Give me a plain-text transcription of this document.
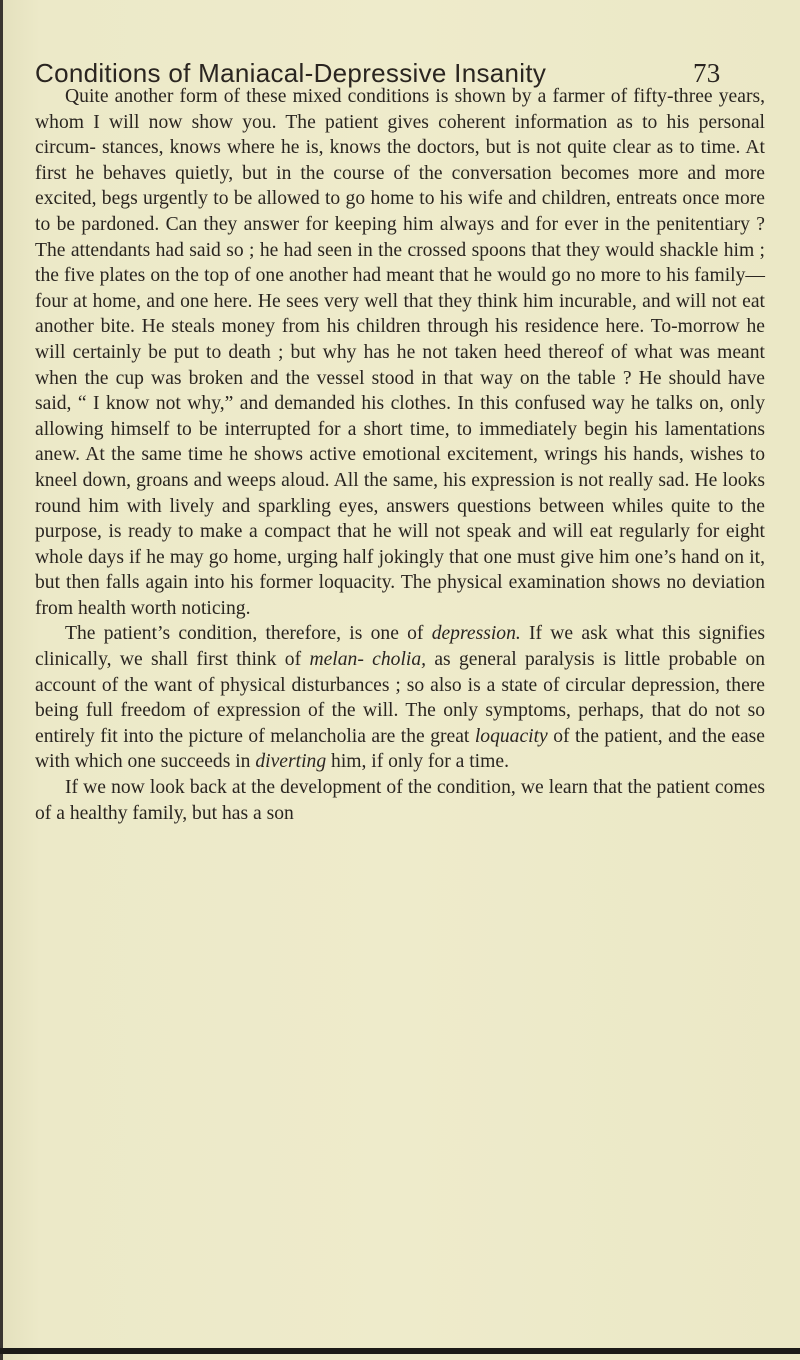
Conditions of Maniacal-Depressive Insanity	73

Quite another form of these mixed conditions is shown by a farmer of fifty-three years, whom I will now show you. The patient gives coherent information as to his personal circum- stances, knows where he is, knows the doctors, but is not quite clear as to time. At first he behaves quietly, but in the course of the conversation becomes more and more excited, begs urgently to be allowed to go home to his wife and children, entreats once more to be pardoned. Can they answer for keeping him always and for ever in the penitentiary ? The attendants had said so ; he had seen in the crossed spoons that they would shackle him ; the five plates on the top of one another had meant that he would go no more to his family—four at home, and one here. He sees very well that they think him incurable, and will not eat another bite. He steals money from his children through his residence here. To-morrow he will certainly be put to death ; but why has he not taken heed thereof of what was meant when the cup was broken and the vessel stood in that way on the table ? He should have said, “ I know not why,” and demanded his clothes. In this confused way he talks on, only allowing himself to be interrupted for a short time, to immediately begin his lamentations anew. At the same time he shows active emotional excitement, wrings his hands, wishes to kneel down, groans and weeps aloud. All the same, his expression is not really sad. He looks round him with lively and sparkling eyes, answers questions between whiles quite to the purpose, is ready to make a compact that he will not speak and will eat regularly for eight whole days if he may go home, urging half jokingly that one must give him one’s hand on it, but then falls again into his former loquacity. The physical examination shows no deviation from health worth noticing.

The patient’s condition, therefore, is one of depression. If we ask what this signifies clinically, we shall first think of melan- cholia, as general paralysis is little probable on account of the want of physical disturbances ; so also is a state of circular depression, there being full freedom of expression of the will. The only symptoms, perhaps, that do not so entirely fit into the picture of melancholia are the great loquacity of the patient, and the ease with which one succeeds in diverting him, if only for a time.

If we now look back at the development of the condition, we learn that the patient comes of a healthy family, but has a son
